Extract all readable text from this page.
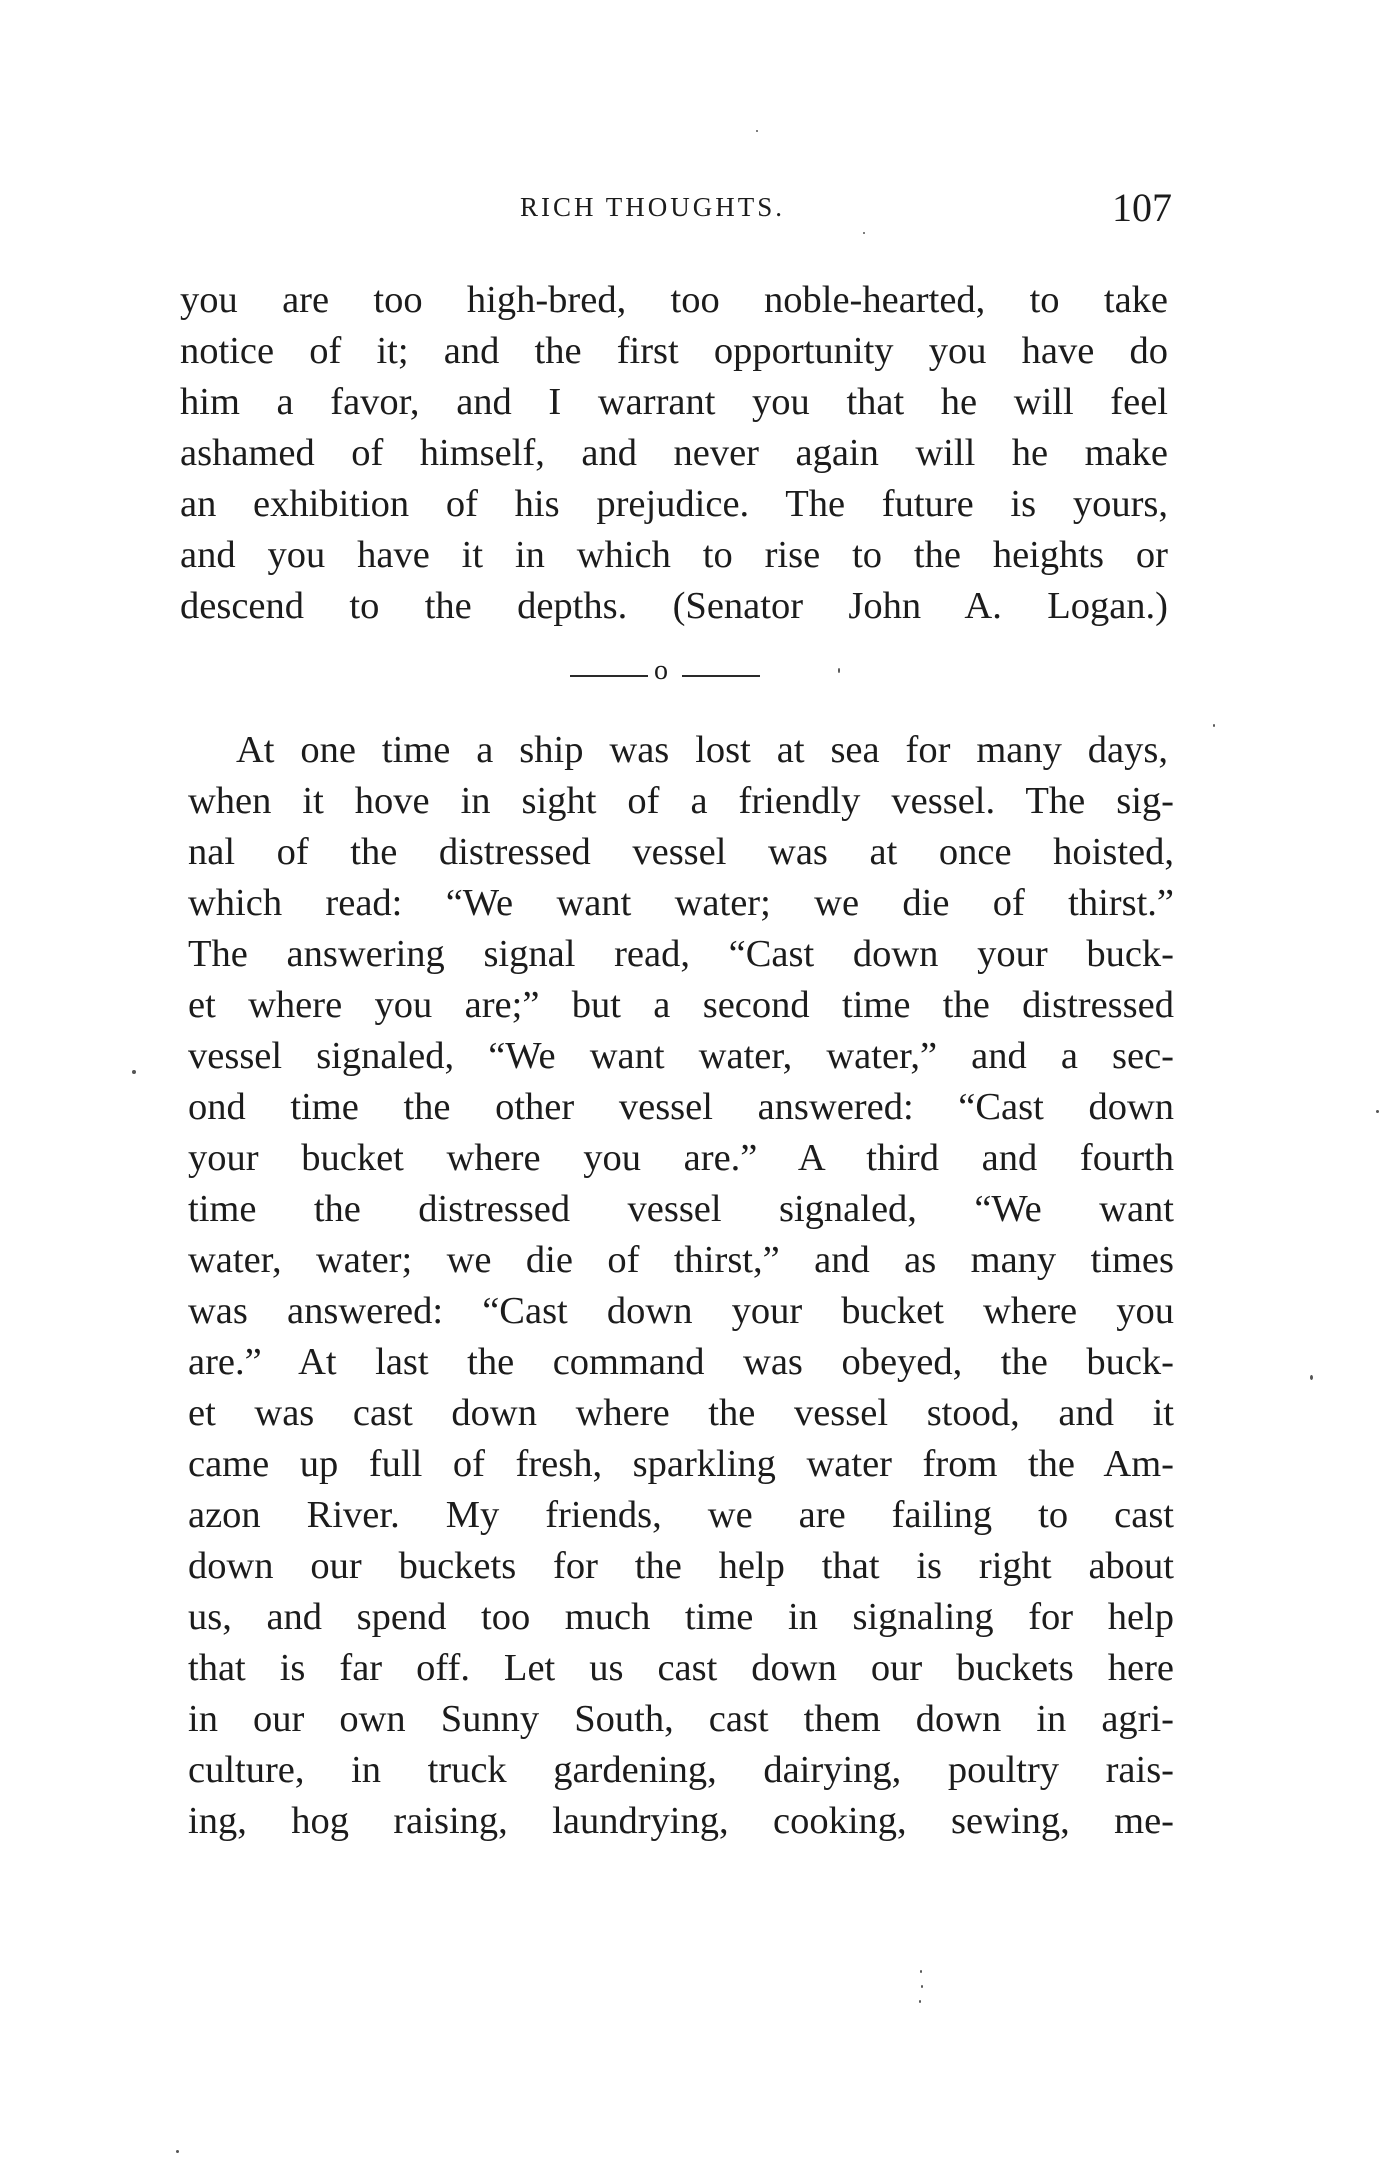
RICH THOUGHTS.	107
you are too high-bred, too noble-hearted, to take
notice of it; and the first opportunity you have do
him a favor, and I warrant you that he will feel
ashamed of himself, and never again will he make
an exhibition of his prejudice. The future is yours,
and you have it in which to rise to the heights or
descend to the depths. (Senator John A. Logan.)
o
At one time a ship was lost at sea for many days,
when it hove in sight of a friendly vessel. The sig-
nal of the distressed vessel was at once hoisted,
which read: “We want water; we die of thirst.”
The answering signal read, “Cast down your buck-
et where you are;” but a second time the distressed
vessel signaled, “We want water, water,” and a sec-
ond time the other vessel answered: “Cast down
your bucket where you are.” A third and fourth
time the distressed vessel signaled, “We want
water, water; we die of thirst,” and as many times
was answered: “Cast down your bucket where you
are.” At last the command was obeyed, the buck-
et was cast down where the vessel stood, and it
came up full of fresh, sparkling water from the Am-
azon River. My friends, we are failing to cast
down our buckets for the help that is right about
us, and spend too much time in signaling for help
that is far off. Let us cast down our buckets here
in our own Sunny South, cast them down in agri-
culture, in truck gardening, dairying, poultry rais-
ing, hog raising, laundrying, cooking, sewing, me-
